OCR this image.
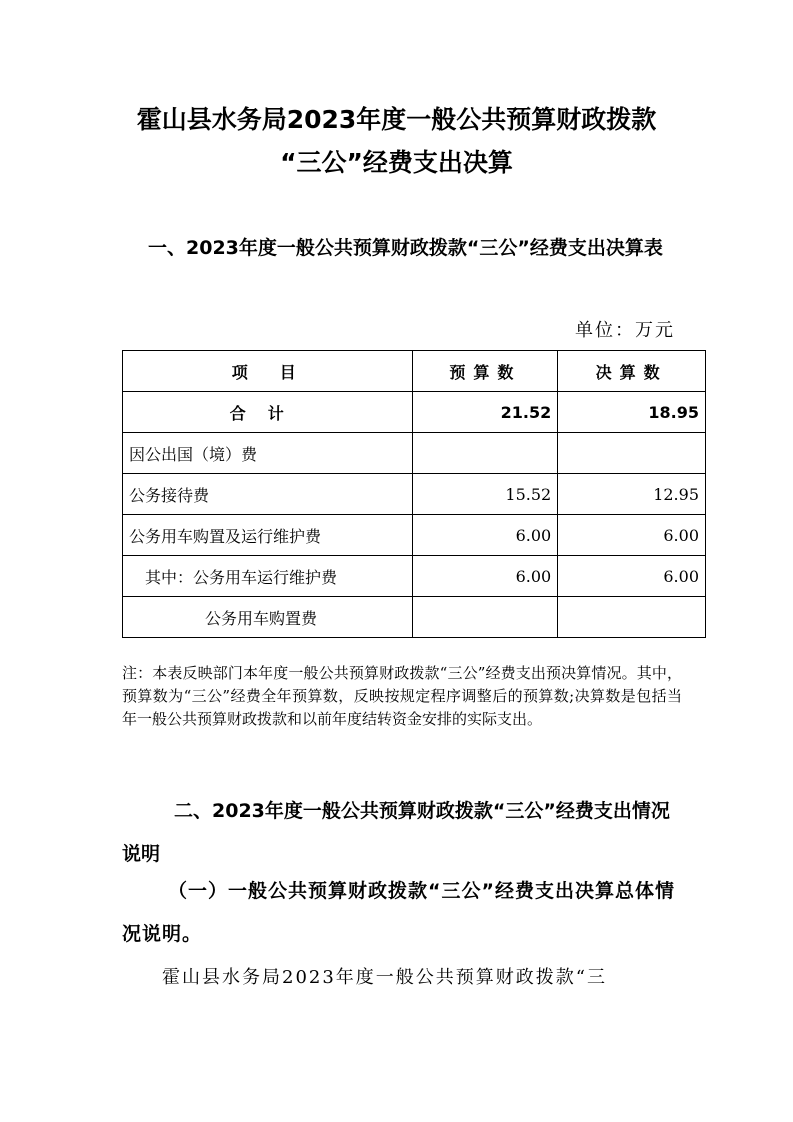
霍山县水务局2023年度一般公共预算财政拨款
“三公”经费支出决算
一、2023年度一般公共预算财政拨款“三公”经费支出决算表
单位：万元
项　目	预算数	决算数
合计	21.52	18.95
因公出国（境）费		
公务接待费	15.52	12.95
公务用车购置及运行维护费	6.00	6.00
其中：公务用车运行维护费	6.00	6.00
公务用车购置费		
注：本表反映部门本年度一般公共预算财政拨款“三公”经费支出预决算情况。其中，预算数为“三公”经费全年预算数，反映按规定程序调整后的预算数;决算数是包括当年一般公共预算财政拨款和以前年度结转资金安排的实际支出。
二、2023年度一般公共预算财政拨款“三公”经费支出情况说明
（一）一般公共预算财政拨款“三公”经费支出决算总体情况说明。
霍山县水务局2023年度一般公共预算财政拨款“三
